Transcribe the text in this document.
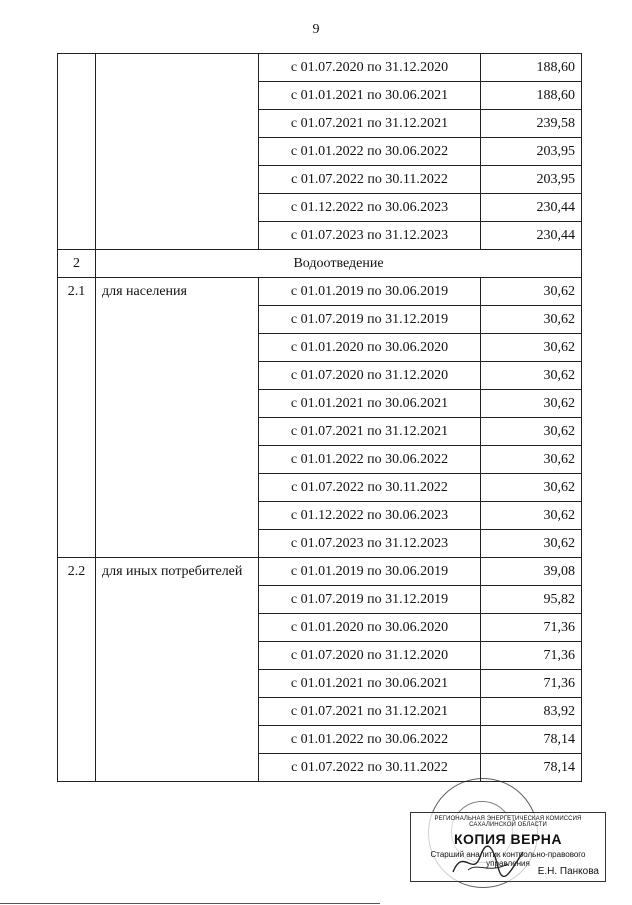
9
		с 01.07.2020 по 31.12.2020	188,60
		с 01.01.2021 по 30.06.2021	188,60
		с 01.07.2021 по 31.12.2021	239,58
		с 01.01.2022 по 30.06.2022	203,95
		с 01.07.2022 по 30.11.2022	203,95
		с 01.12.2022 по 30.06.2023	230,44
		с 01.07.2023 по 31.12.2023	230,44
2	Водоотведение		
2.1	для населения	с 01.01.2019 по 30.06.2019	30,62
		с 01.07.2019 по 31.12.2019	30,62
		с 01.01.2020 по 30.06.2020	30,62
		с 01.07.2020 по 31.12.2020	30,62
		с 01.01.2021 по 30.06.2021	30,62
		с 01.07.2021 по 31.12.2021	30,62
		с 01.01.2022 по 30.06.2022	30,62
		с 01.07.2022 по 30.11.2022	30,62
		с 01.12.2022 по 30.06.2023	30,62
		с 01.07.2023 по 31.12.2023	30,62
2.2	для иных потребителей	с 01.01.2019 по 30.06.2019	39,08
		с 01.07.2019 по 31.12.2019	95,82
		с 01.01.2020 по 30.06.2020	71,36
		с 01.07.2020 по 31.12.2020	71,36
		с 01.01.2021 по 30.06.2021	71,36
		с 01.07.2021 по 31.12.2021	83,92
		с 01.01.2022 по 30.06.2022	78,14
		с 01.07.2022 по 30.11.2022	78,14
РЕГИОНАЛЬНАЯ ЭНЕРГЕТИЧЕСКАЯ КОМИССИЯ САХАЛИНСКОЙ ОБЛАСТИ
КОПИЯ ВЕРНА
Старший аналитик контрольно-правового управления
Е.Н. Панкова
